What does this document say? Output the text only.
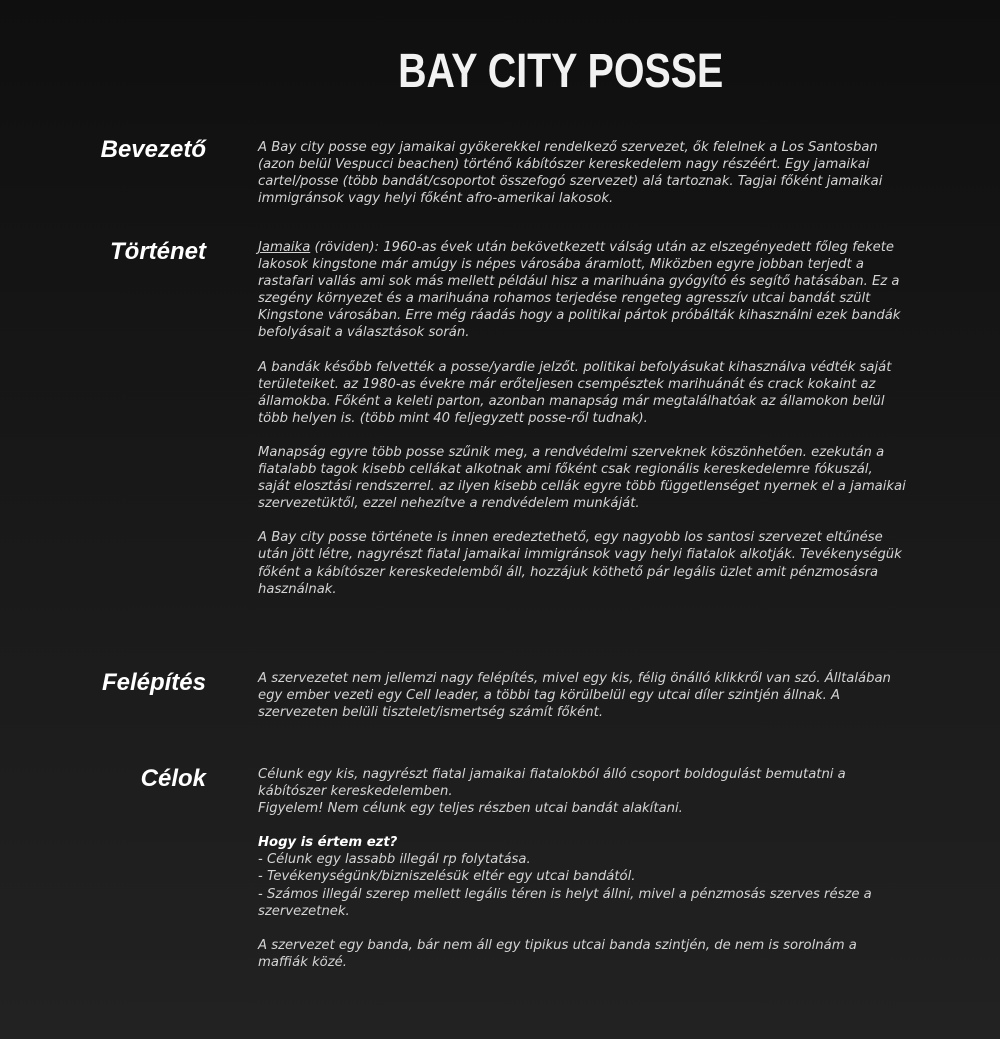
BAY CITY POSSE
Bevezető	A Bay city posse egy jamaikai gyökerekkel rendelkező szervezet, ők felelnek a Los Santosban (azon belül Vespucci beachen) történő kábítószer kereskedelem nagy részéért. Egy jamaikai cartel/posse (több bandát/csoportot összefogó szervezet) alá tartoznak. Tagjai főként jamaikai immigránsok vagy helyi főként afro-amerikai lakosok.

Történet	Jamaika (röviden): 1960-as évek után bekövetkezett válság után az elszegényedett főleg fekete lakosok kingstone már amúgy is népes városába áramlott, Miközben egyre jobban terjedt a rastafari vallás ami sok más mellett például hisz a marihuána gyógyító és segítő hatásában. Ez a szegény környezet és a marihuána rohamos terjedése rengeteg agresszív utcai bandát szült Kingstone városában. Erre még ráadás hogy a politikai pártok próbálták kihasználni ezek bandák befolyásait a választások során.

A bandák később felvették a posse/yardie jelzőt. politikai befolyásukat kihasználva védték saját területeiket. az 1980-as évekre már erőteljesen csempésztek marihuánát és crack kokaint az államokba. Főként a keleti parton, azonban manapság már megtalálhatóak az államokon belül több helyen is. (több mint 40 feljegyzett posse-ről tudnak).

Manapság egyre több posse szűnik meg, a rendvédelmi szerveknek köszönhetően. ezekután a fiatalabb tagok kisebb cellákat alkotnak ami főként csak regionális kereskedelemre fókuszál, saját elosztási rendszerrel. az ilyen kisebb cellák egyre több függetlenséget nyernek el a jamaikai szervezetüktől, ezzel nehezítve a rendvédelem munkáját.

A Bay city posse története is innen eredeztethető, egy nagyobb los santosi szervezet eltűnése után jött létre, nagyrészt fiatal jamaikai immigránsok vagy helyi fiatalok alkotják. Tevékenységük főként a kábítószer kereskedelemből áll, hozzájuk köthető pár legális üzlet amit pénzmosásra használnak.

Felépítés	A szervezetet nem jellemzi nagy felépítés, mivel egy kis, félig önálló klikkről van szó. Álltalában egy ember vezeti egy Cell leader, a többi tag körülbelül egy utcai díler szintjén állnak. A szervezeten belüli tisztelet/ismertség számít főként.

Célok	Célunk egy kis, nagyrészt fiatal jamaikai fiatalokból álló csoport boldogulást bemutatni a kábítószer kereskedelemben.
Figyelem! Nem célunk egy teljes részben utcai bandát alakítani.

Hogy is értem ezt?
- Célunk egy lassabb illegál rp folytatása.
- Tevékenységünk/bizniszelésük eltér egy utcai bandától.
- Számos illegál szerep mellett legális téren is helyt állni, mivel a pénzmosás szerves része a szervezetnek.

A szervezet egy banda, bár nem áll egy tipikus utcai banda szintjén, de nem is sorolnám a maffiák közé.
